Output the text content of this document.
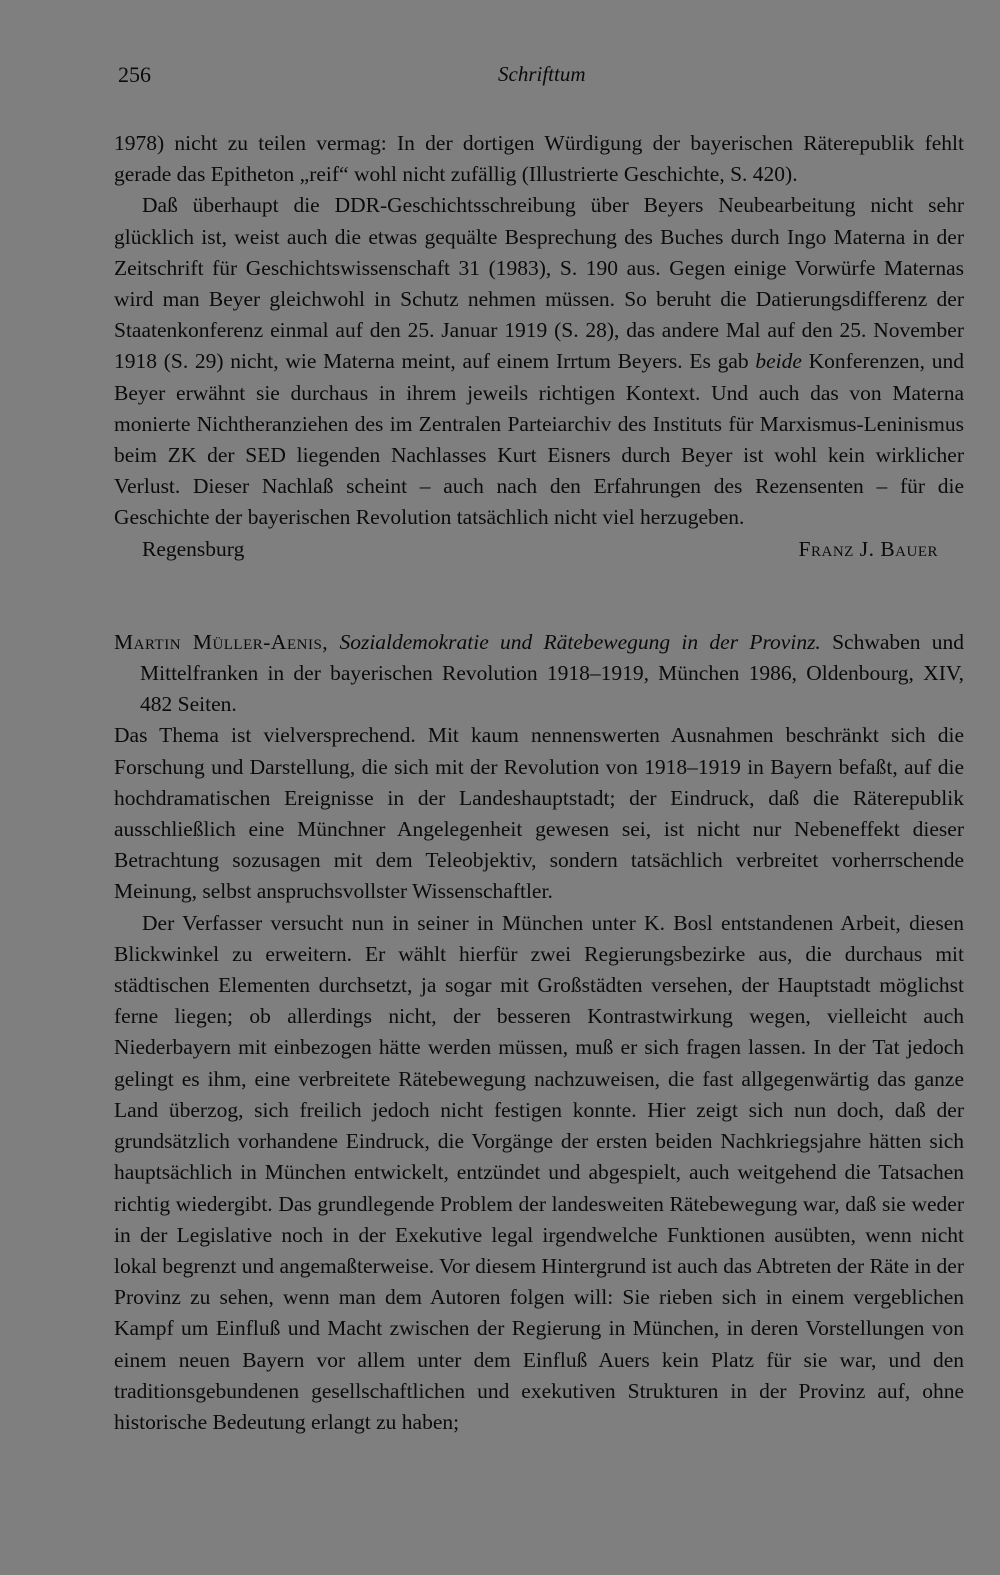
256	Schrifttum

1978) nicht zu teilen vermag: In der dortigen Würdigung der bayerischen Räterepublik fehlt gerade das Epitheton „reif“ wohl nicht zufällig (Illustrierte Geschichte, S. 420).

Daß überhaupt die DDR-Geschichtsschreibung über Beyers Neubearbeitung nicht sehr glücklich ist, weist auch die etwas gequälte Besprechung des Buches durch Ingo Materna in der Zeitschrift für Geschichtswissenschaft 31 (1983), S. 190 aus. Gegen einige Vorwürfe Maternas wird man Beyer gleichwohl in Schutz nehmen müssen. So beruht die Datierungsdifferenz der Staatenkonferenz einmal auf den 25. Januar 1919 (S. 28), das andere Mal auf den 25. November 1918 (S. 29) nicht, wie Materna meint, auf einem Irrtum Beyers. Es gab beide Konferenzen, und Beyer erwähnt sie durchaus in ihrem jeweils richtigen Kontext. Und auch das von Materna monierte Nichtheranziehen des im Zentralen Parteiarchiv des Instituts für Marxismus-Leninismus beim ZK der SED liegenden Nachlasses Kurt Eisners durch Beyer ist wohl kein wirklicher Verlust. Dieser Nachlaß scheint – auch nach den Erfahrungen des Rezensenten – für die Geschichte der bayerischen Revolution tatsächlich nicht viel herzugeben.

Regensburg	Franz J. Bauer
Martin Müller-Aenis, Sozialdemokratie und Rätebewegung in der Provinz. Schwaben und Mittelfranken in der bayerischen Revolution 1918–1919, München 1986, Oldenbourg, XIV, 482 Seiten.

Das Thema ist vielversprechend. Mit kaum nennenswerten Ausnahmen beschränkt sich die Forschung und Darstellung, die sich mit der Revolution von 1918–1919 in Bayern befaßt, auf die hochdramatischen Ereignisse in der Landeshauptstadt; der Eindruck, daß die Räterepublik ausschließlich eine Münchner Angelegenheit gewesen sei, ist nicht nur Nebeneffekt dieser Betrachtung sozusagen mit dem Teleobjektiv, sondern tatsächlich verbreitet vorherrschende Meinung, selbst anspruchsvollster Wissenschaftler.

Der Verfasser versucht nun in seiner in München unter K. Bosl entstandenen Arbeit, diesen Blickwinkel zu erweitern. Er wählt hierfür zwei Regierungsbezirke aus, die durchaus mit städtischen Elementen durchsetzt, ja sogar mit Großstädten versehen, der Hauptstadt möglichst ferne liegen; ob allerdings nicht, der besseren Kontrastwirkung wegen, vielleicht auch Niederbayern mit einbezogen hätte werden müssen, muß er sich fragen lassen. In der Tat jedoch gelingt es ihm, eine verbreitete Rätebewegung nachzuweisen, die fast allgegenwärtig das ganze Land überzog, sich freilich jedoch nicht festigen konnte. Hier zeigt sich nun doch, daß der grundsätzlich vorhandene Eindruck, die Vorgänge der ersten beiden Nachkriegsjahre hätten sich hauptsächlich in München entwickelt, entzündet und abgespielt, auch weitgehend die Tatsachen richtig wiedergibt. Das grundlegende Problem der landesweiten Rätebewegung war, daß sie weder in der Legislative noch in der Exekutive legal irgendwelche Funktionen ausübten, wenn nicht lokal begrenzt und angemaßterweise. Vor diesem Hintergrund ist auch das Abtreten der Räte in der Provinz zu sehen, wenn man dem Autoren folgen will: Sie rieben sich in einem vergeblichen Kampf um Einfluß und Macht zwischen der Regierung in München, in deren Vorstellungen von einem neuen Bayern vor allem unter dem Einfluß Auers kein Platz für sie war, und den traditionsgebundenen gesellschaftlichen und exekutiven Strukturen in der Provinz auf, ohne historische Bedeutung erlangt zu haben;
